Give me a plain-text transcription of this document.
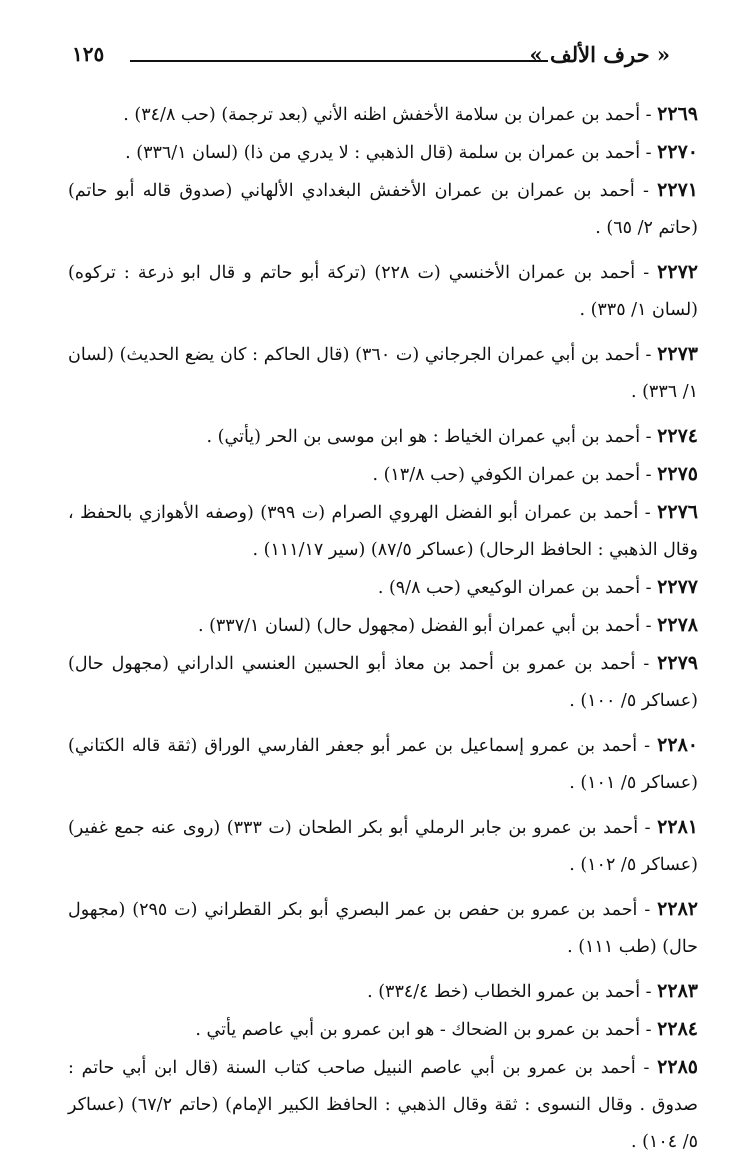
« حرف الألف »
١٢٥

٢٢٦٩ - أحمد بن عمران بن سلامة الأخفش اظنه الأني (بعد ترجمة) (حب ٣٤/٨) .

٢٢٧٠ - أحمد بن عمران بن سلمة (قال الذهبي : لا يدري من ذا) (لسان ٣٣٦/١) .

٢٢٧١ - أحمد بن عمران بن عمران الأخفش البغدادي الألهاني (صدوق قاله أبو حاتم) (حاتم ٢/ ٦٥) .

٢٢٧٢ - أحمد بن عمران الأخنسي (ت ٢٢٨) (تركة أبو حاتم و قال ابو ذرعة : تركوه) (لسان ١/ ٣٣٥) .

٢٢٧٣ - أحمد بن أبي عمران الجرجاني (ت ٣٦٠) (قال الحاكم : كان يضع الحديث) (لسان ١/ ٣٣٦) .

٢٢٧٤ - أحمد بن أبي عمران الخياط : هو ابن موسى بن الحر (يأتي) .

٢٢٧٥ - أحمد بن عمران الكوفي (حب ١٣/٨) .

٢٢٧٦ - أحمد بن عمران أبو الفضل الهروي الصرام (ت ٣٩٩) (وصفه الأهوازي بالحفظ ، وقال الذهبي : الحافظ الرحال) (عساكر ٨٧/٥) (سير ١١١/١٧) .

٢٢٧٧ - أحمد بن عمران الوكيعي (حب ٩/٨) .

٢٢٧٨ - أحمد بن أبي عمران أبو الفضل (مجهول حال) (لسان ٣٣٧/١) .

٢٢٧٩ - أحمد بن عمرو بن أحمد بن معاذ أبو الحسين العنسي الداراني (مجهول حال) (عساكر ٥/ ١٠٠) .

٢٢٨٠ - أحمد بن عمرو إسماعيل بن عمر أبو جعفر الفارسي الوراق (ثقة قاله الكتاني) (عساكر ٥/ ١٠١) .

٢٢٨١ - أحمد بن عمرو بن جابر الرملي أبو بكر الطحان (ت ٣٣٣) (روى عنه جمع غفير) (عساكر ٥/ ١٠٢) .

٢٢٨٢ - أحمد بن عمرو بن حفص بن عمر البصري أبو بكر القطراني (ت ٢٩٥) (مجهول حال) (طب ١١١) .

٢٢٨٣ - أحمد بن عمرو الخطاب (خط ٣٣٤/٤) .

٢٢٨٤ - أحمد بن عمرو بن الضحاك - هو ابن عمرو بن أبي عاصم يأتي .

٢٢٨٥ - أحمد بن عمرو بن أبي عاصم النبيل صاحب كتاب السنة (قال ابن أبي حاتم : صدوق . وقال النسوى : ثقة وقال الذهبي : الحافظ الكبير الإمام) (حاتم ٦٧/٢) (عساكر ٥/ ١٠٤) .
